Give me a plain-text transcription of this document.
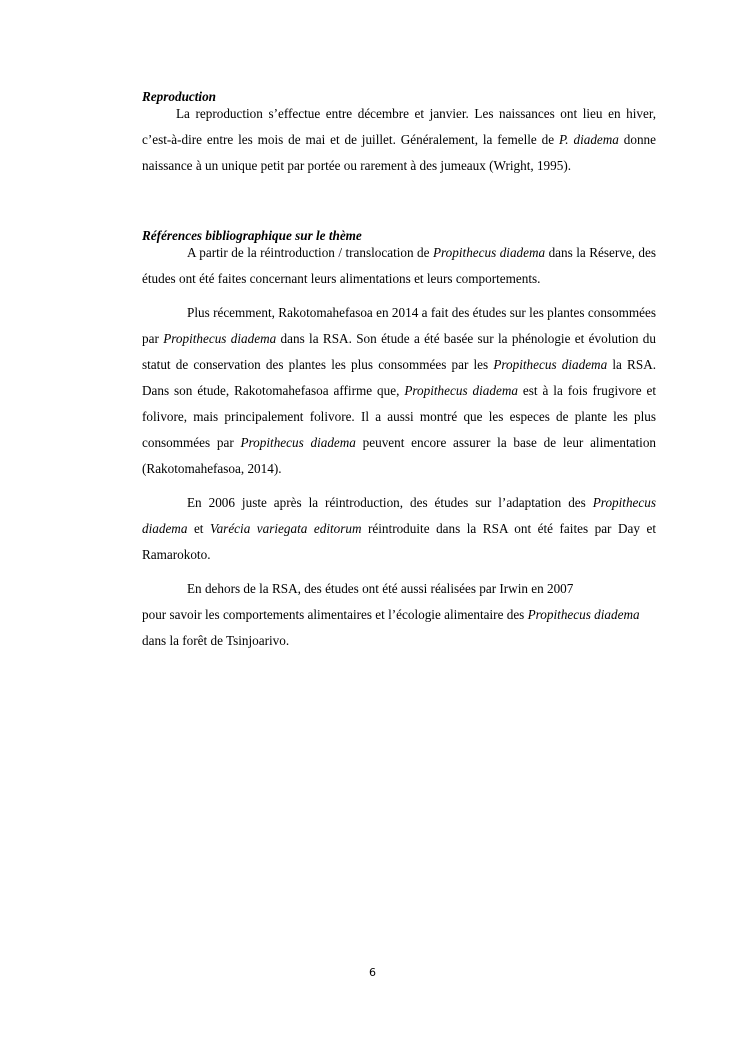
Reproduction

La reproduction s’effectue entre décembre et janvier. Les naissances ont lieu en hiver, c’est-à-dire entre les mois de mai et de juillet. Généralement, la femelle de P. diadema donne naissance à un unique petit par portée ou rarement à des jumeaux (Wright, 1995).

Références bibliographique sur le thème

A partir de la réintroduction / translocation de Propithecus diadema dans la Réserve, des études ont été faites concernant leurs alimentations et leurs comportements.

Plus récemment, Rakotomahefasoa en 2014 a fait des études sur les plantes consommées par Propithecus diadema dans la RSA. Son étude a été basée sur la phénologie et évolution du statut de conservation des plantes les plus consommées par les Propithecus diadema la RSA. Dans son étude, Rakotomahefasoa affirme que, Propithecus diadema est à la fois frugivore et folivore, mais principalement folivore. Il a aussi montré que les especes de plante les plus consommées par Propithecus diadema peuvent encore assurer la base de leur alimentation (Rakotomahefasoa, 2014).

En 2006 juste après la réintroduction, des études sur l’adaptation des Propithecus diadema et Varécia variegata editorum réintroduite dans la RSA ont été faites par Day et Ramarokoto.

En dehors de la RSA, des études ont été aussi réalisées par Irwin en 2007

pour savoir les comportements alimentaires et l’écologie alimentaire des Propithecus diadema dans la forêt de Tsinjoarivo.

6
